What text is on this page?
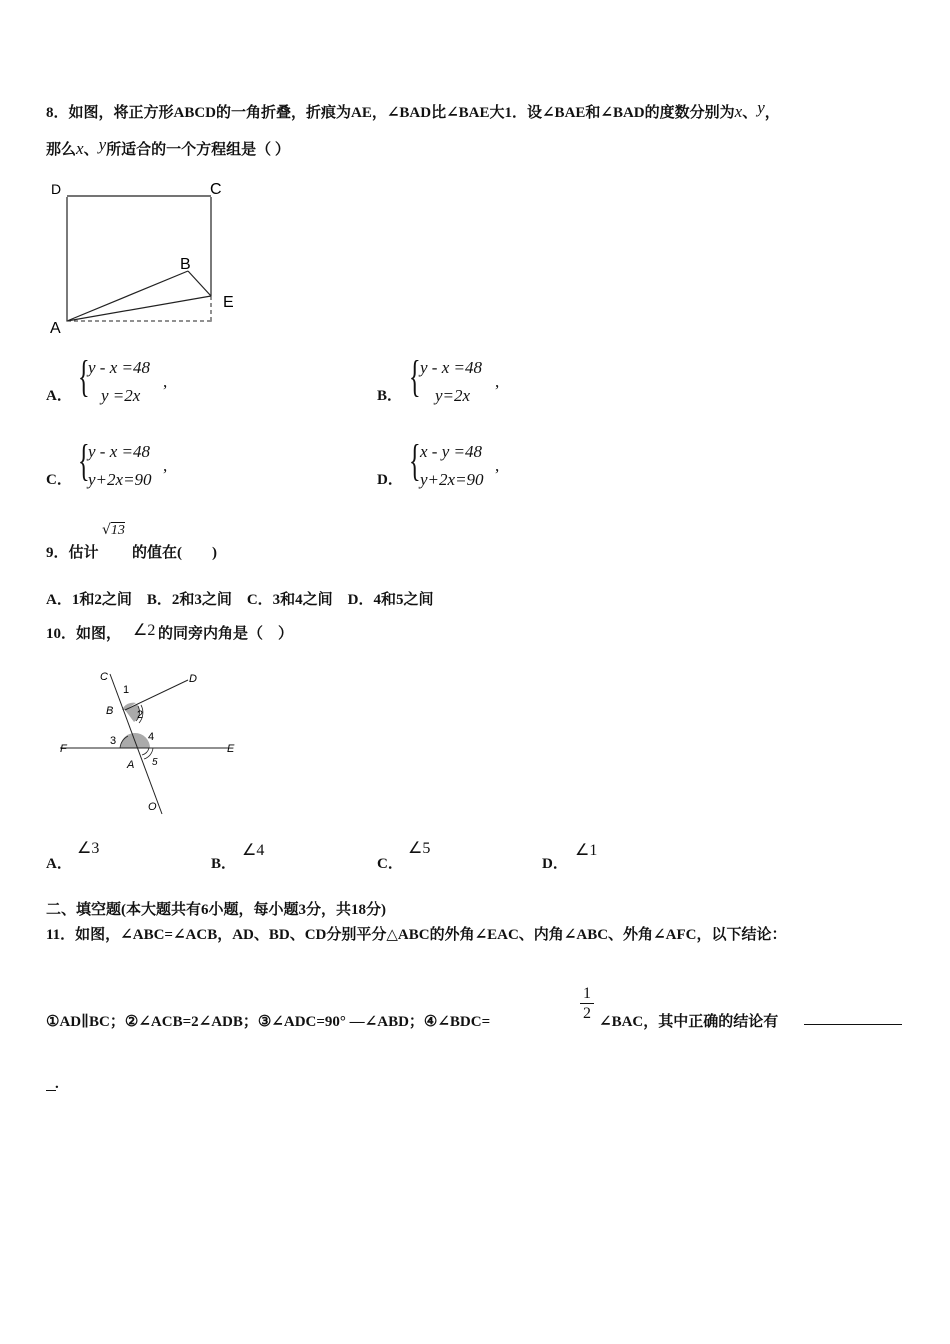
8．如图，将正方形ABCD的一角折叠，折痕为AE，∠BAD比∠BAE大1．设∠BAE和∠BAD的度数分别为x、y，
那么x、y所适合的一个方程组是（ ）
D	C
B
E
A
A． {
y - x =48
y =2x
,
B． { y - x =48
y=2x
,
C． {
y - x =48
y+2x=90
,
D． { x - y =48
y+2x=90
,
9．估计
√13
的值在(　　)
A．1和2之间　B．2和3之间　C．3和4之间　D．4和5之间
10．如图， ∠2 的同旁内角是（　）
C	D
1
B 2
3	4
F	E
A 5
O
A．
∠3
B．
∠4
C．
∠5
D．
∠1
二、填空题(本大题共有6小题，每小题3分，共18分)
11．如图，∠ABC=∠ACB，AD、BD、CD分别平分△ABC的外角∠EAC、内角∠ABC、外角∠AFC，以下结论：
①AD∥BC；②∠ACB=2∠ADB；③∠ADC=90° —∠ABD；④∠BDC=	$\frac{1}{2}$ ∠BAC，其中正确的结论有
.
